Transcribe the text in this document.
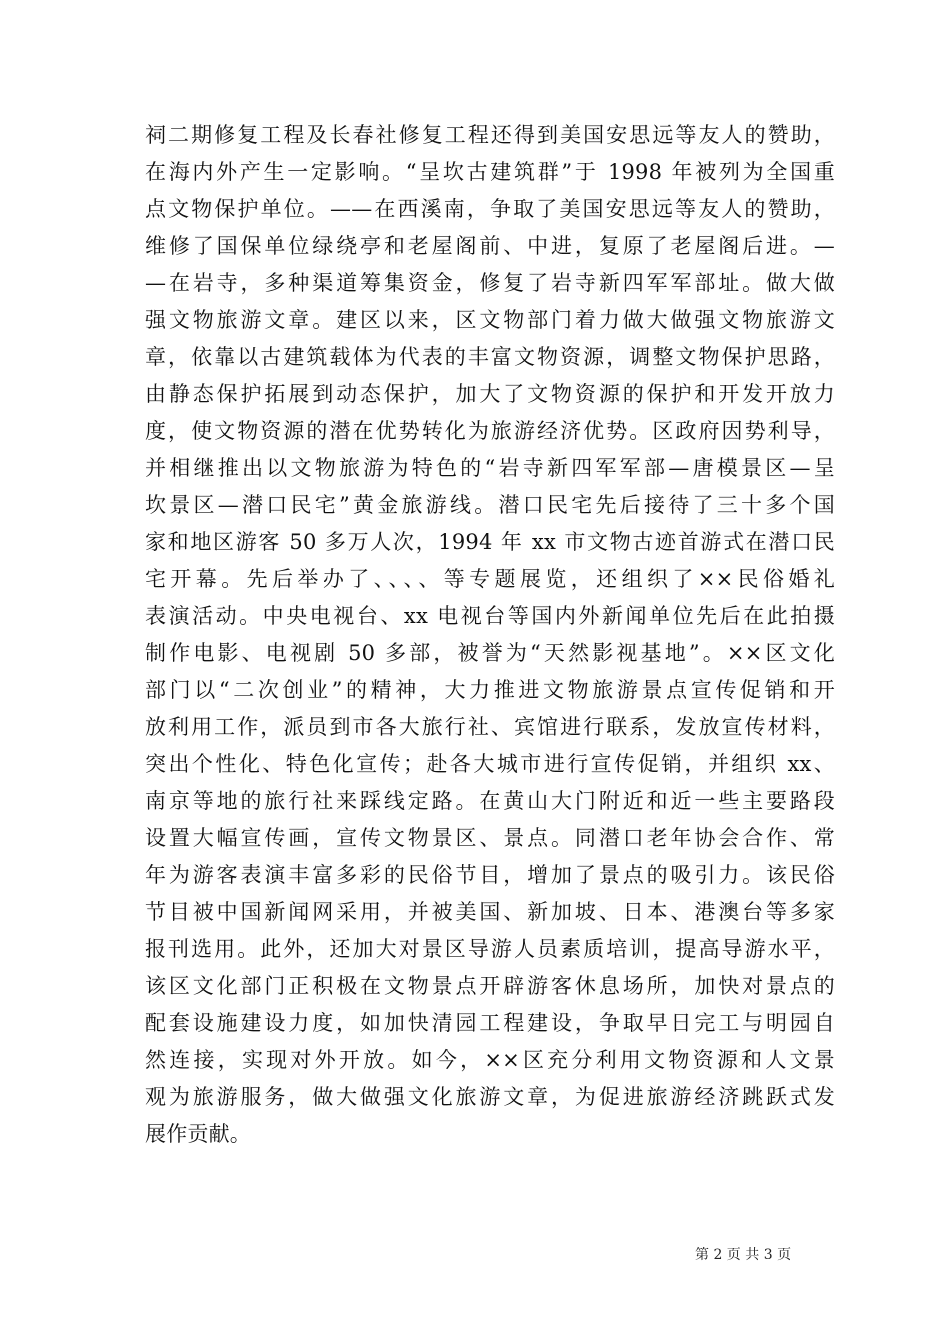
祠二期修复工程及长春社修复工程还得到美国安思远等友人的赞助，
在海内外产生一定影响。“呈坎古建筑群”于 1998 年被列为全国重
点文物保护单位。——在西溪南，争取了美国安思远等友人的赞助，
维修了国保单位绿绕亭和老屋阁前、中进，复原了老屋阁后进。—
—在岩寺，多种渠道筹集资金，修复了岩寺新四军军部址。做大做
强文物旅游文章。建区以来，区文物部门着力做大做强文物旅游文
章，依靠以古建筑载体为代表的丰富文物资源，调整文物保护思路，
由静态保护拓展到动态保护，加大了文物资源的保护和开发开放力
度，使文物资源的潜在优势转化为旅游经济优势。区政府因势利导，
并相继推出以文物旅游为特色的“岩寺新四军军部—唐模景区—呈
坎景区—潜口民宅”黄金旅游线。潜口民宅先后接待了三十多个国
家和地区游客 50 多万人次，1994 年 xx 市文物古迹首游式在潜口民
宅开幕。先后举办了、、、、等专题展览，还组织了××民俗婚礼
表演活动。中央电视台、xx 电视台等国内外新闻单位先后在此拍摄
制作电影、电视剧 50 多部，被誉为“天然影视基地”。××区文化
部门以“二次创业”的精神，大力推进文物旅游景点宣传促销和开
放利用工作，派员到市各大旅行社、宾馆进行联系，发放宣传材料，
突出个性化、特色化宣传；赴各大城市进行宣传促销，并组织 xx、
南京等地的旅行社来踩线定路。在黄山大门附近和近一些主要路段
设置大幅宣传画，宣传文物景区、景点。同潜口老年协会合作、常
年为游客表演丰富多彩的民俗节目，增加了景点的吸引力。该民俗
节目被中国新闻网采用，并被美国、新加坡、日本、港澳台等多家
报刊选用。此外，还加大对景区导游人员素质培训，提高导游水平，
该区文化部门正积极在文物景点开辟游客休息场所，加快对景点的
配套设施建设力度，如加快清园工程建设，争取早日完工与明园自
然连接，实现对外开放。如今，××区充分利用文物资源和人文景
观为旅游服务，做大做强文化旅游文章，为促进旅游经济跳跃式发
展作贡献。
第 2 页 共 3 页
